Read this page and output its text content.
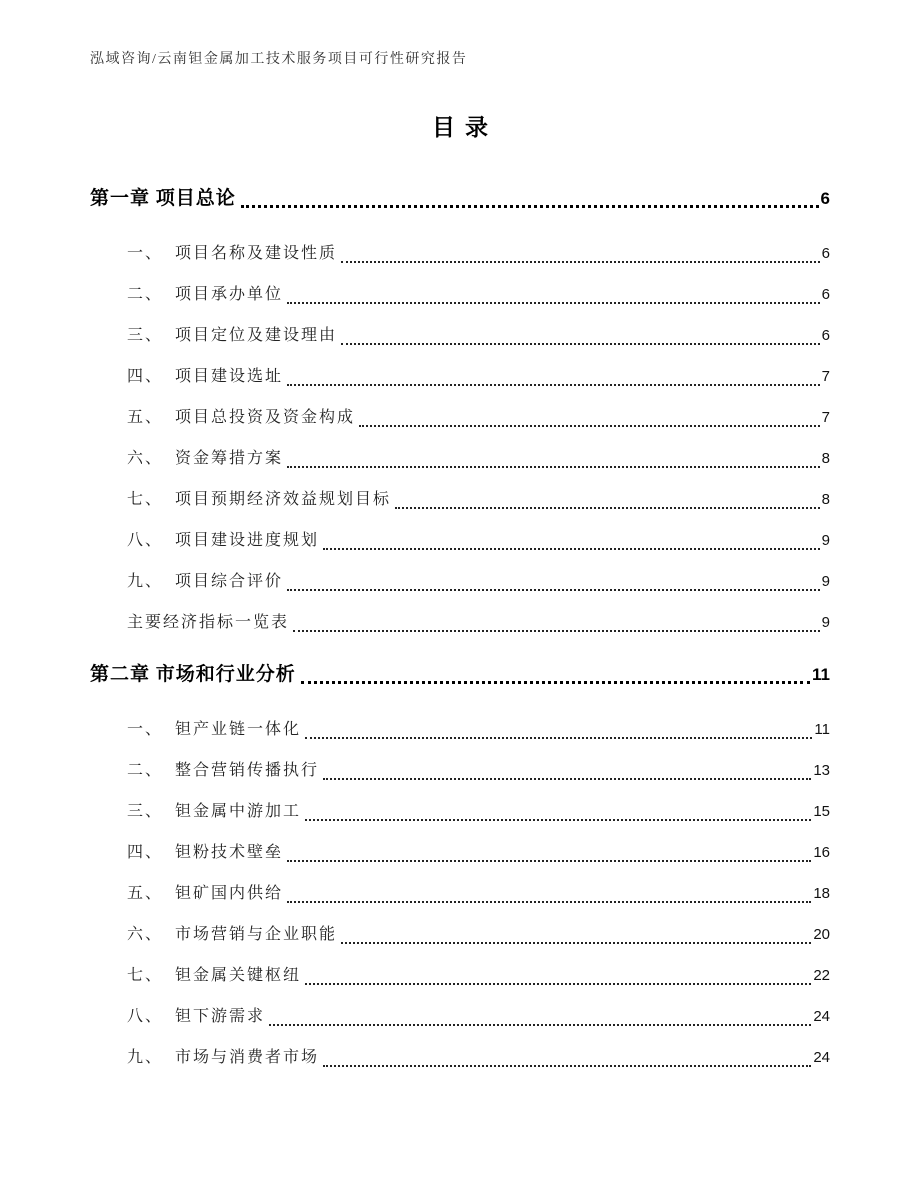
泓域咨询/云南钽金属加工技术服务项目可行性研究报告
目录
第一章 项目总论	6
一、 项目名称及建设性质	6
二、 项目承办单位	6
三、 项目定位及建设理由	6
四、 项目建设选址	7
五、 项目总投资及资金构成	7
六、 资金筹措方案	8
七、 项目预期经济效益规划目标	8
八、 项目建设进度规划	9
九、 项目综合评价	9
主要经济指标一览表	9
第二章 市场和行业分析	11
一、 钽产业链一体化	11
二、 整合营销传播执行	13
三、 钽金属中游加工	15
四、 钽粉技术壁垒	16
五、 钽矿国内供给	18
六、 市场营销与企业职能	20
七、 钽金属关键枢纽	22
八、 钽下游需求	24
九、 市场与消费者市场	24
